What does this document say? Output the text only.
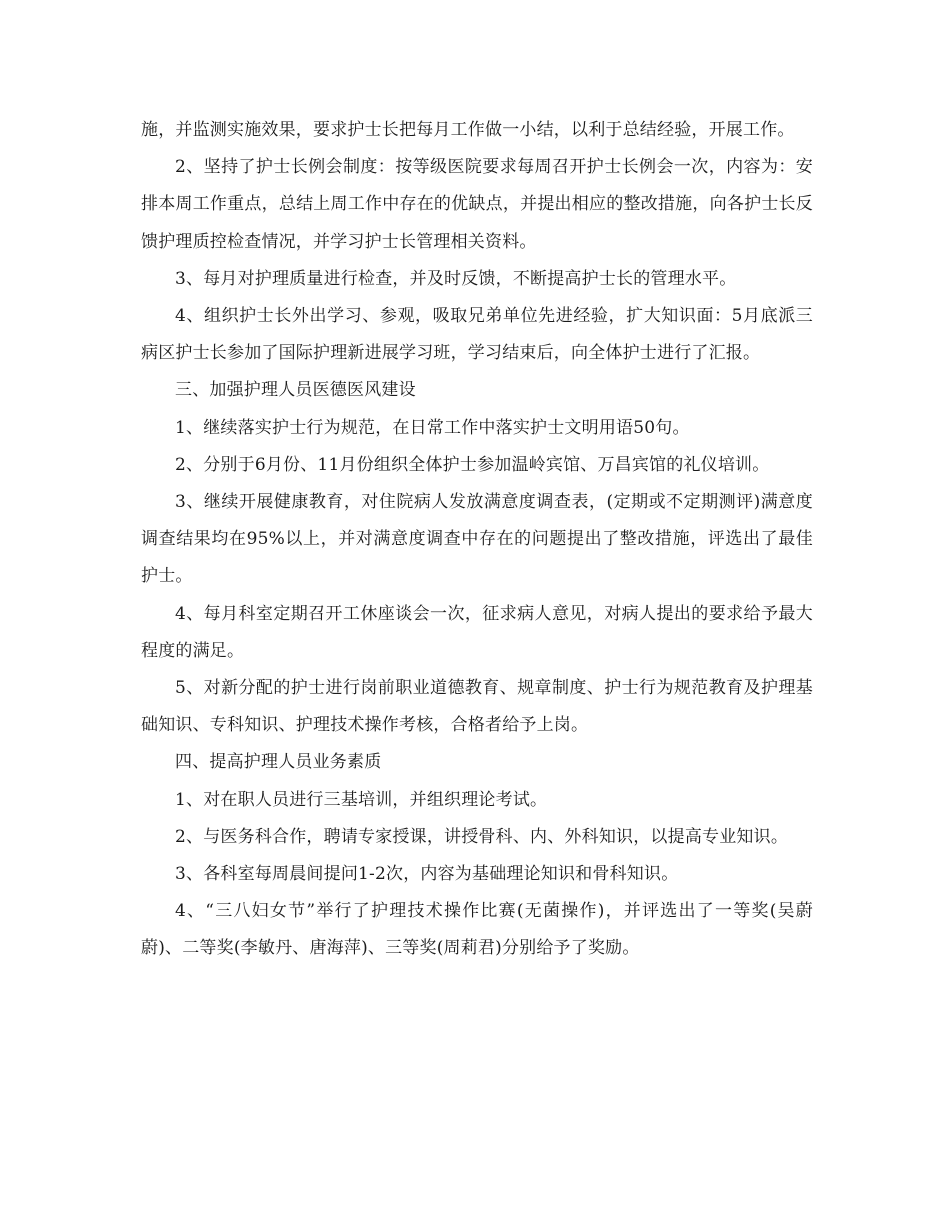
施，并监测实施效果，要求护士长把每月工作做一小结，以利于总结经验，开展工作。

2、坚持了护士长例会制度：按等级医院要求每周召开护士长例会一次，内容为：安排本周工作重点，总结上周工作中存在的优缺点，并提出相应的整改措施，向各护士长反馈护理质控检查情况，并学习护士长管理相关资料。

3、每月对护理质量进行检查，并及时反馈，不断提高护士长的管理水平。

4、组织护士长外出学习、参观，吸取兄弟单位先进经验，扩大知识面：5月底派三病区护士长参加了国际护理新进展学习班，学习结束后，向全体护士进行了汇报。

三、加强护理人员医德医风建设

1、继续落实护士行为规范，在日常工作中落实护士文明用语50句。

2、分别于6月份、11月份组织全体护士参加温岭宾馆、万昌宾馆的礼仪培训。

3、继续开展健康教育，对住院病人发放满意度调查表，(定期或不定期测评)满意度调查结果均在95%以上，并对满意度调查中存在的问题提出了整改措施，评选出了最佳护士。

4、每月科室定期召开工休座谈会一次，征求病人意见，对病人提出的要求给予最大程度的满足。

5、对新分配的护士进行岗前职业道德教育、规章制度、护士行为规范教育及护理基础知识、专科知识、护理技术操作考核，合格者给予上岗。

四、提高护理人员业务素质

1、对在职人员进行三基培训，并组织理论考试。

2、与医务科合作，聘请专家授课，讲授骨科、内、外科知识，以提高专业知识。

3、各科室每周晨间提问1-2次，内容为基础理论知识和骨科知识。

4、“三八妇女节”举行了护理技术操作比赛(无菌操作)，并评选出了一等奖(吴蔚蔚)、二等奖(李敏丹、唐海萍)、三等奖(周莉君)分别给予了奖励。
